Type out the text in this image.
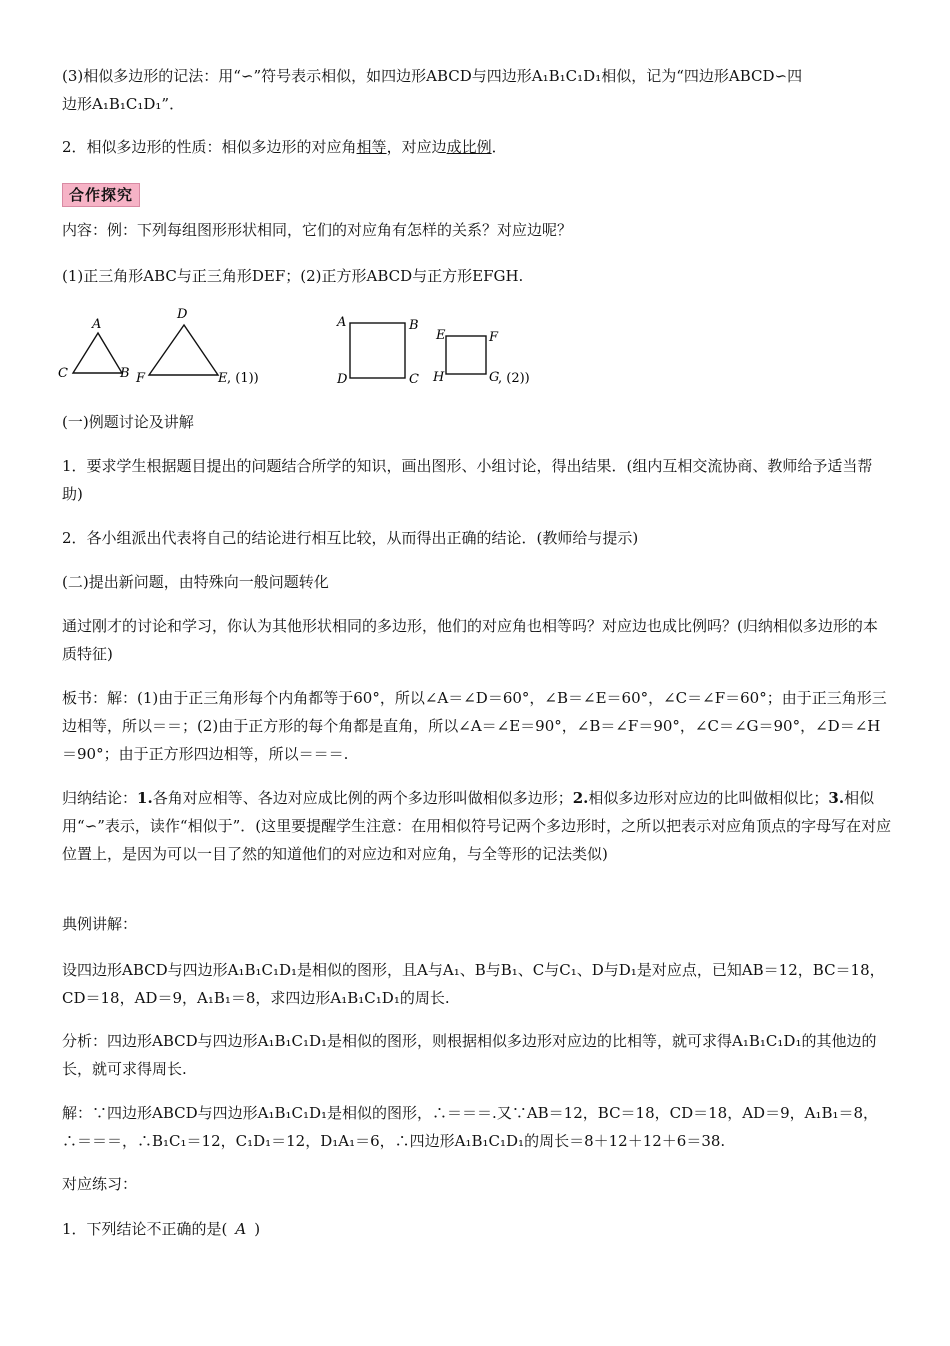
(3)相似多边形的记法：用“∽”符号表示相似，如四边形ABCD与四边形A₁B₁C₁D₁相似，记为“四边形ABCD∽四

边形A₁B₁C₁D₁”．

2．相似多边形的性质：相似多边形的对应角相等，对应边成比例．

合作探究

内容：例：下列每组图形形状相同，它们的对应角有怎样的关系？对应边呢？

(1)正三角形ABC与正三角形DEF；(2)正方形ABCD与正方形EFGH.

A
C	B
D
F	E , (1))
A	B
D	C
E	F
H	G
, (2))

(一)例题讨论及讲解

1．要求学生根据题目提出的问题结合所学的知识，画出图形、小组讨论，得出结果．(组内互相交流协商、教师给予适当帮助)

2．各小组派出代表将自己的结论进行相互比较，从而得出正确的结论．(教师给与提示)

(二)提出新问题，由特殊向一般问题转化

通过刚才的讨论和学习，你认为其他形状相同的多边形，他们的对应角也相等吗？对应边也成比例吗？(归纳相似多边形的本质特征)

板书：解：(1)由于正三角形每个内角都等于60°，所以∠A＝∠D＝60°，∠B＝∠E＝60°，∠C＝∠F＝60°；由于正三角形三边相等，所以＝＝；(2)由于正方形的每个角都是直角，所以∠A＝∠E＝90°，∠B＝∠F＝90°，∠C＝∠G＝90°，∠D＝∠H＝90°；由于正方形四边相等，所以＝＝＝.

归纳结论：1.各角对应相等、各边对应成比例的两个多边形叫做相似多边形；2.相似多边形对应边的比叫做相似比；3.相似用“∽”表示，读作“相似于”．(这里要提醒学生注意：在用相似符号记两个多边形时，之所以把表示对应角顶点的字母写在对应位置上，是因为可以一目了然的知道他们的对应边和对应角，与全等形的记法类似)

典例讲解：

设四边形ABCD与四边形A₁B₁C₁D₁是相似的图形，且A与A₁、B与B₁、C与C₁、D与D₁是对应点，已知AB＝12，BC＝18，CD＝18，AD＝9，A₁B₁＝8，求四边形A₁B₁C₁D₁的周长.

分析：四边形ABCD与四边形A₁B₁C₁D₁是相似的图形，则根据相似多边形对应边的比相等，就可求得A₁B₁C₁D₁的其他边的长，就可求得周长.

解：∵四边形ABCD与四边形A₁B₁C₁D₁是相似的图形，∴＝＝＝.又∵AB＝12，BC＝18，CD＝18，AD＝9，A₁B₁＝8，∴＝＝＝，∴B₁C₁＝12，C₁D₁＝12，D₁A₁＝6，∴四边形A₁B₁C₁D₁的周长＝8＋12＋12＋6＝38.

对应练习：

1．下列结论不正确的是( A )
